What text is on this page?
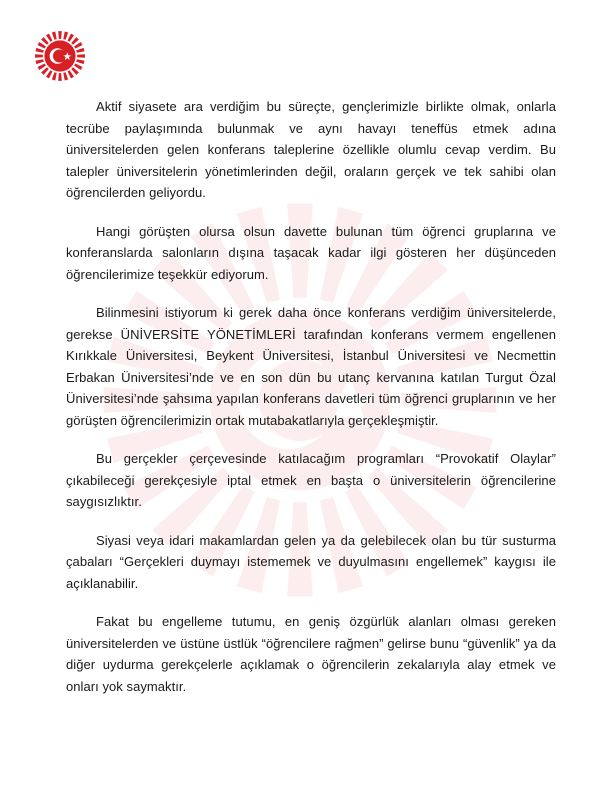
Aktif siyasete ara verdiğim bu süreçte, gençlerimizle birlikte olmak, onlarla tecrübe paylaşımında bulunmak ve aynı havayı teneffüs etmek adına üniversitelerden gelen konferans taleplerine özellikle olumlu cevap verdim. Bu talepler üniversitelerin yönetimlerinden değil, oraların gerçek ve tek sahibi olan öğrencilerden geliyordu.

Hangi görüşten olursa olsun davette bulunan tüm öğrenci gruplarına ve konferanslarda salonların dışına taşacak kadar ilgi gösteren her düşünceden öğrencilerimize teşekkür ediyorum.

Bilinmesini istiyorum ki gerek daha önce konferans verdiğim üniversitelerde, gerekse ÜNİVERSİTE YÖNETİMLERİ tarafından konferans vermem engellenen Kırıkkale Üniversitesi, Beykent Üniversitesi, İstanbul Üniversitesi ve Necmettin Erbakan Üniversitesi’nde ve en son dün bu utanç kervanına katılan Turgut Özal Üniversitesi’nde şahsıma yapılan konferans davetleri tüm öğrenci gruplarının ve her görüşten öğrencilerimizin ortak mutabakatlarıyla gerçekleşmiştir.

Bu gerçekler çerçevesinde katılacağım programları “Provokatif Olaylar” çıkabileceği gerekçesiyle iptal etmek en başta o üniversitelerin öğrencilerine saygısızlıktır.

Siyasi veya idari makamlardan gelen ya da gelebilecek olan bu tür susturma çabaları “Gerçekleri duymayı istememek ve duyulmasını engellemek” kaygısı ile açıklanabilir.

Fakat bu engelleme tutumu, en geniş özgürlük alanları olması gereken üniversitelerden ve üstüne üstlük “öğrencilere rağmen” gelirse bunu “güvenlik” ya da diğer uydurma gerekçelerle açıklamak o öğrencilerin zekalarıyla alay etmek ve onları yok saymaktır.
